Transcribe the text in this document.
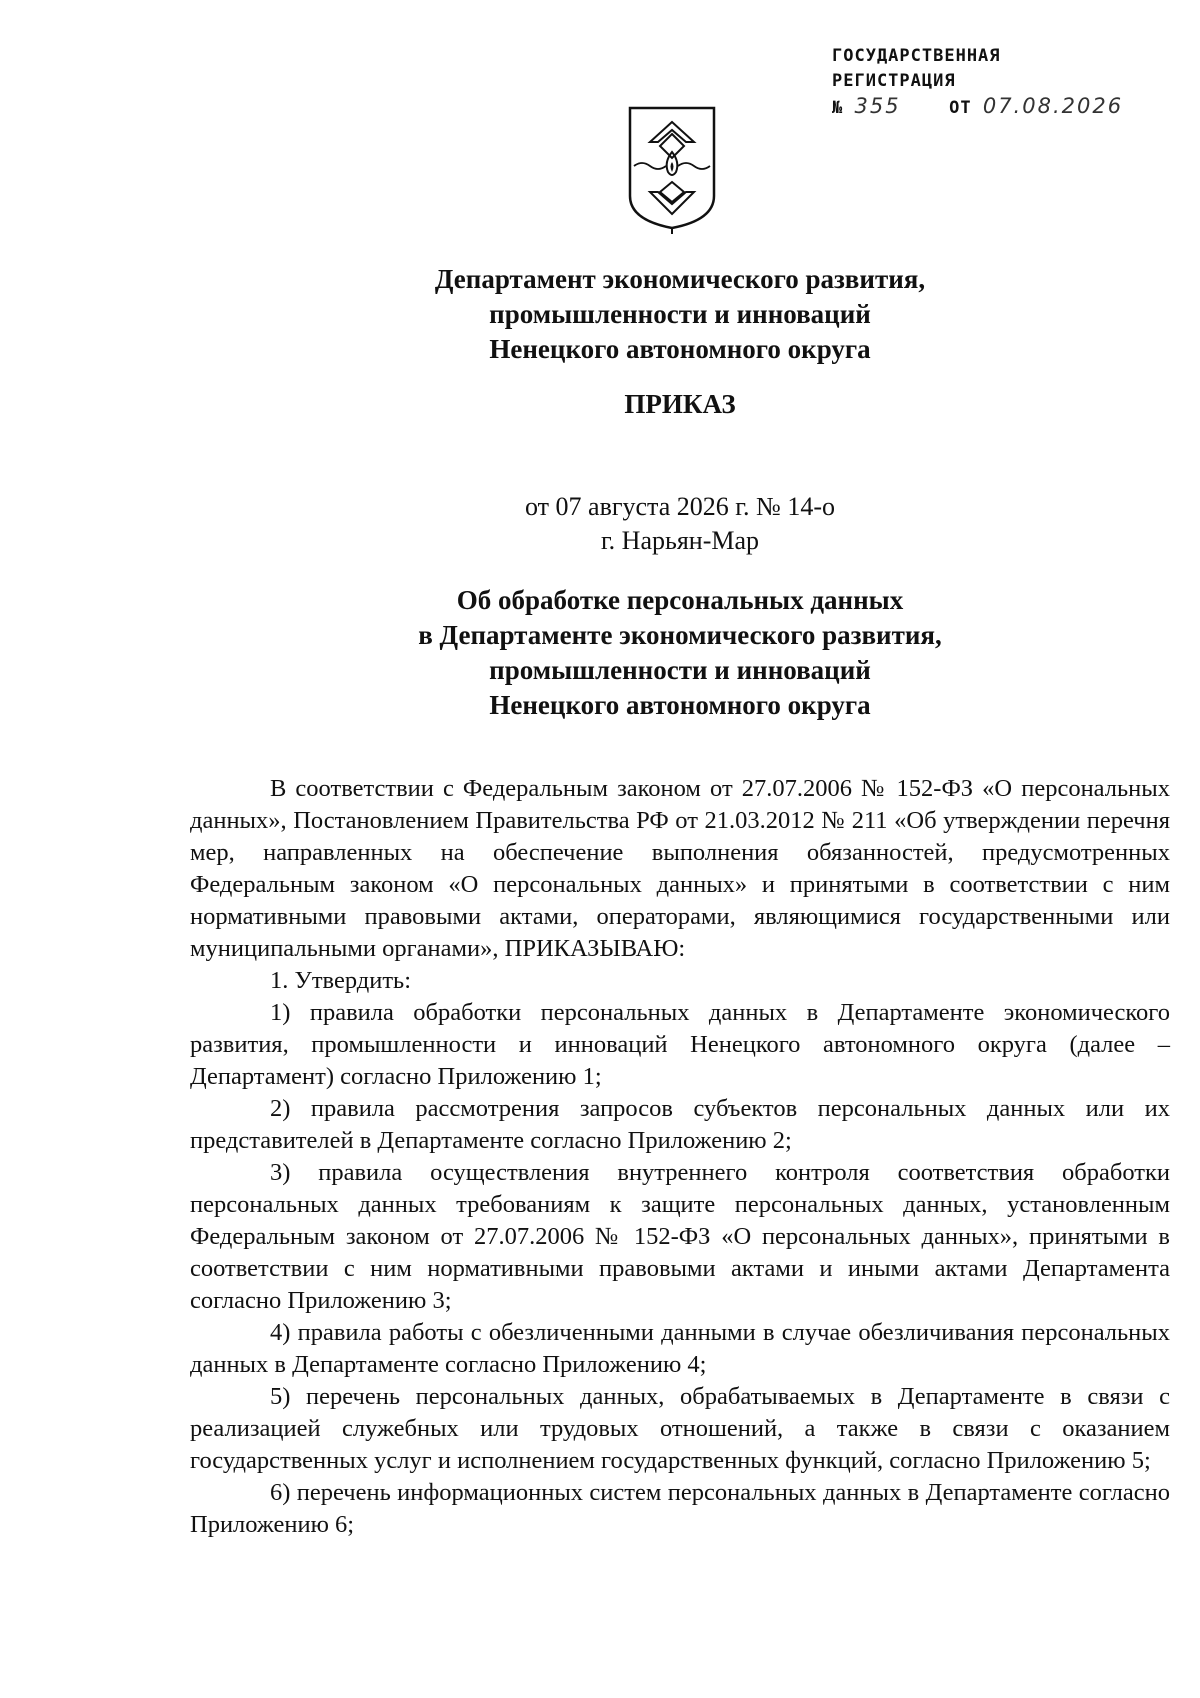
ГОСУДАРСТВЕННАЯ
РЕГИСТРАЦИЯ
№ 355	ОТ 07.08.2026
Департамент экономического развития,
промышленности и инноваций
Ненецкого автономного округа
ПРИКАЗ
от 07 августа 2026 г. № 14-о
г. Нарьян-Мар
Об обработке персональных данных
в Департаменте экономического развития,
промышленности и инноваций
Ненецкого автономного округа

В соответствии с Федеральным законом от 27.07.2006 № 152-ФЗ «О персональных данных», Постановлением Правительства РФ от 21.03.2012 № 211 «Об утверждении перечня мер, направленных на обеспечение выполнения обязанностей, предусмотренных Федеральным законом «О персональных данных» и принятыми в соответствии с ним нормативными правовыми актами, операторами, являющимися государственными или муниципальными органами», ПРИКАЗЫВАЮ:

1. Утвердить:

1) правила обработки персональных данных в Департаменте экономического развития, промышленности и инноваций Ненецкого автономного округа (далее – Департамент) согласно Приложению 1;

2) правила рассмотрения запросов субъектов персональных данных или их представителей в Департаменте согласно Приложению 2;

3) правила осуществления внутреннего контроля соответствия обработки персональных данных требованиям к защите персональных данных, установленным Федеральным законом от 27.07.2006 № 152-ФЗ «О персональных данных», принятыми в соответствии с ним нормативными правовыми актами и иными актами Департамента согласно Приложению 3;

4) правила работы с обезличенными данными в случае обезличивания персональных данных в Департаменте согласно Приложению 4;

5) перечень персональных данных, обрабатываемых в Департаменте в связи с реализацией служебных или трудовых отношений, а также в связи с оказанием государственных услуг и исполнением государственных функций, согласно Приложению 5;

6) перечень информационных систем персональных данных в Департаменте согласно Приложению 6;
